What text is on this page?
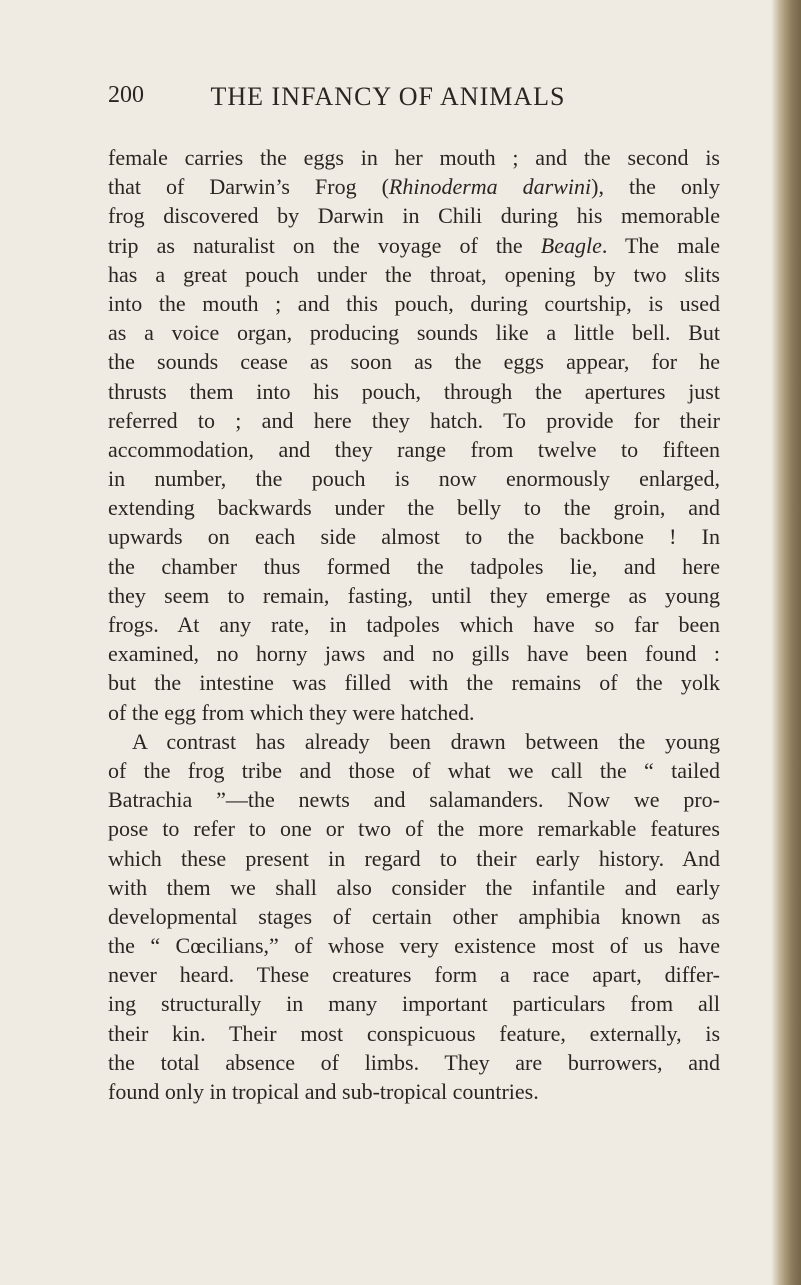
200	THE INFANCY OF ANIMALS
female carries the eggs in her mouth ; and the second is
that of Darwin’s Frog (Rhinoderma darwini), the only
frog discovered by Darwin in Chili during his memorable
trip as naturalist on the voyage of the Beagle. The male
has a great pouch under the throat, opening by two slits
into the mouth ; and this pouch, during courtship, is used
as a voice organ, producing sounds like a little bell. But
the sounds cease as soon as the eggs appear, for he
thrusts them into his pouch, through the apertures just
referred to ; and here they hatch. To provide for their
accommodation, and they range from twelve to fifteen
in number, the pouch is now enormously enlarged,
extending backwards under the belly to the groin, and
upwards on each side almost to the backbone ! In
the chamber thus formed the tadpoles lie, and here
they seem to remain, fasting, until they emerge as young
frogs. At any rate, in tadpoles which have so far been
examined, no horny jaws and no gills have been found :
but the intestine was filled with the remains of the yolk
of the egg from which they were hatched.
A contrast has already been drawn between the young
of the frog tribe and those of what we call the “ tailed
Batrachia ”—the newts and salamanders. Now we pro-
pose to refer to one or two of the more remarkable features
which these present in regard to their early history. And
with them we shall also consider the infantile and early
developmental stages of certain other amphibia known as
the “ Cœcilians,” of whose very existence most of us have
never heard. These creatures form a race apart, differ-
ing structurally in many important particulars from all
their kin. Their most conspicuous feature, externally, is
the total absence of limbs. They are burrowers, and
found only in tropical and sub-tropical countries.
